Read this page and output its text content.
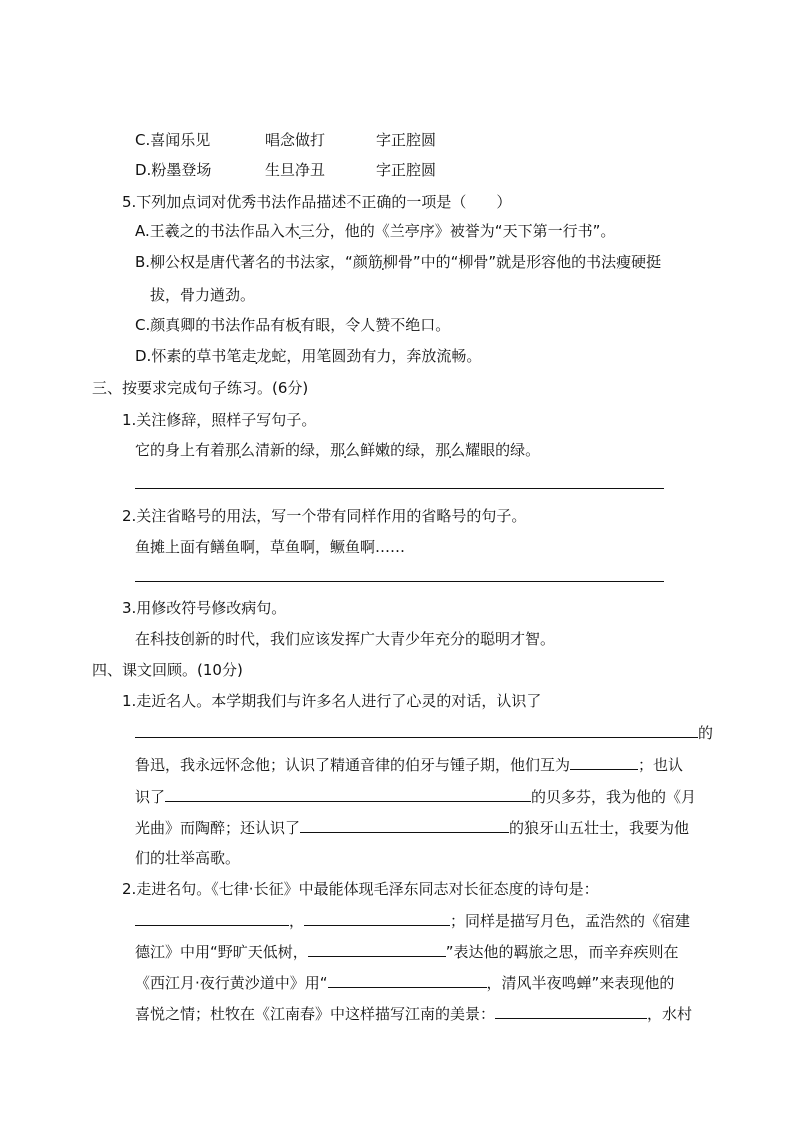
C.喜闻乐见	唱念做打	字正腔圆
D.粉墨登场	生旦净丑	字正腔圆
5.下列加点词对优秀书法作品描述不正确的一项是（　　）
A.王羲之的书法作品入木三分，他的《兰亭序》被誉为“天下第一行书”。
B.柳公权是唐代著名的书法家，“颜筋柳骨”中的“柳骨”就是形容他的书法瘦硬挺
拔，骨力遒劲。
C.颜真卿的书法作品有板有眼，令人赞不绝口。
D.怀素的草书笔走龙蛇，用笔圆劲有力，奔放流畅。
三、按要求完成句子练习。(6分)
1.关注修辞，照样子写句子。
它的身上有着那么清新的绿，那么鲜嫩的绿，那么耀眼的绿。
2.关注省略号的用法，写一个带有同样作用的省略号的句子。
鱼摊上面有鳝鱼啊，草鱼啊，鳜鱼啊……
3.用修改符号修改病句。
在科技创新的时代，我们应该发挥广大青少年充分的聪明才智。
四、课文回顾。(10分)
1.走近名人。本学期我们与许多名人进行了心灵的对话，认识了
的
鲁迅，我永远怀念他；认识了精通音律的伯牙与锺子期，他们互为	；也认
识了	的贝多芬，我为他的《月
光曲》而陶醉；还认识了	的狼牙山五壮士，我要为他
们的壮举高歌。
2.走进名句。《七律·长征》中最能体现毛泽东同志对长征态度的诗句是：
，	；同样是描写月色，孟浩然的《宿建
德江》中用“野旷天低树，	”表达他的羁旅之思，而辛弃疾则在
《西江月·夜行黄沙道中》用“	，清风半夜鸣蝉”来表现他的
喜悦之情；杜牧在《江南春》中这样描写江南的美景：	，水村
